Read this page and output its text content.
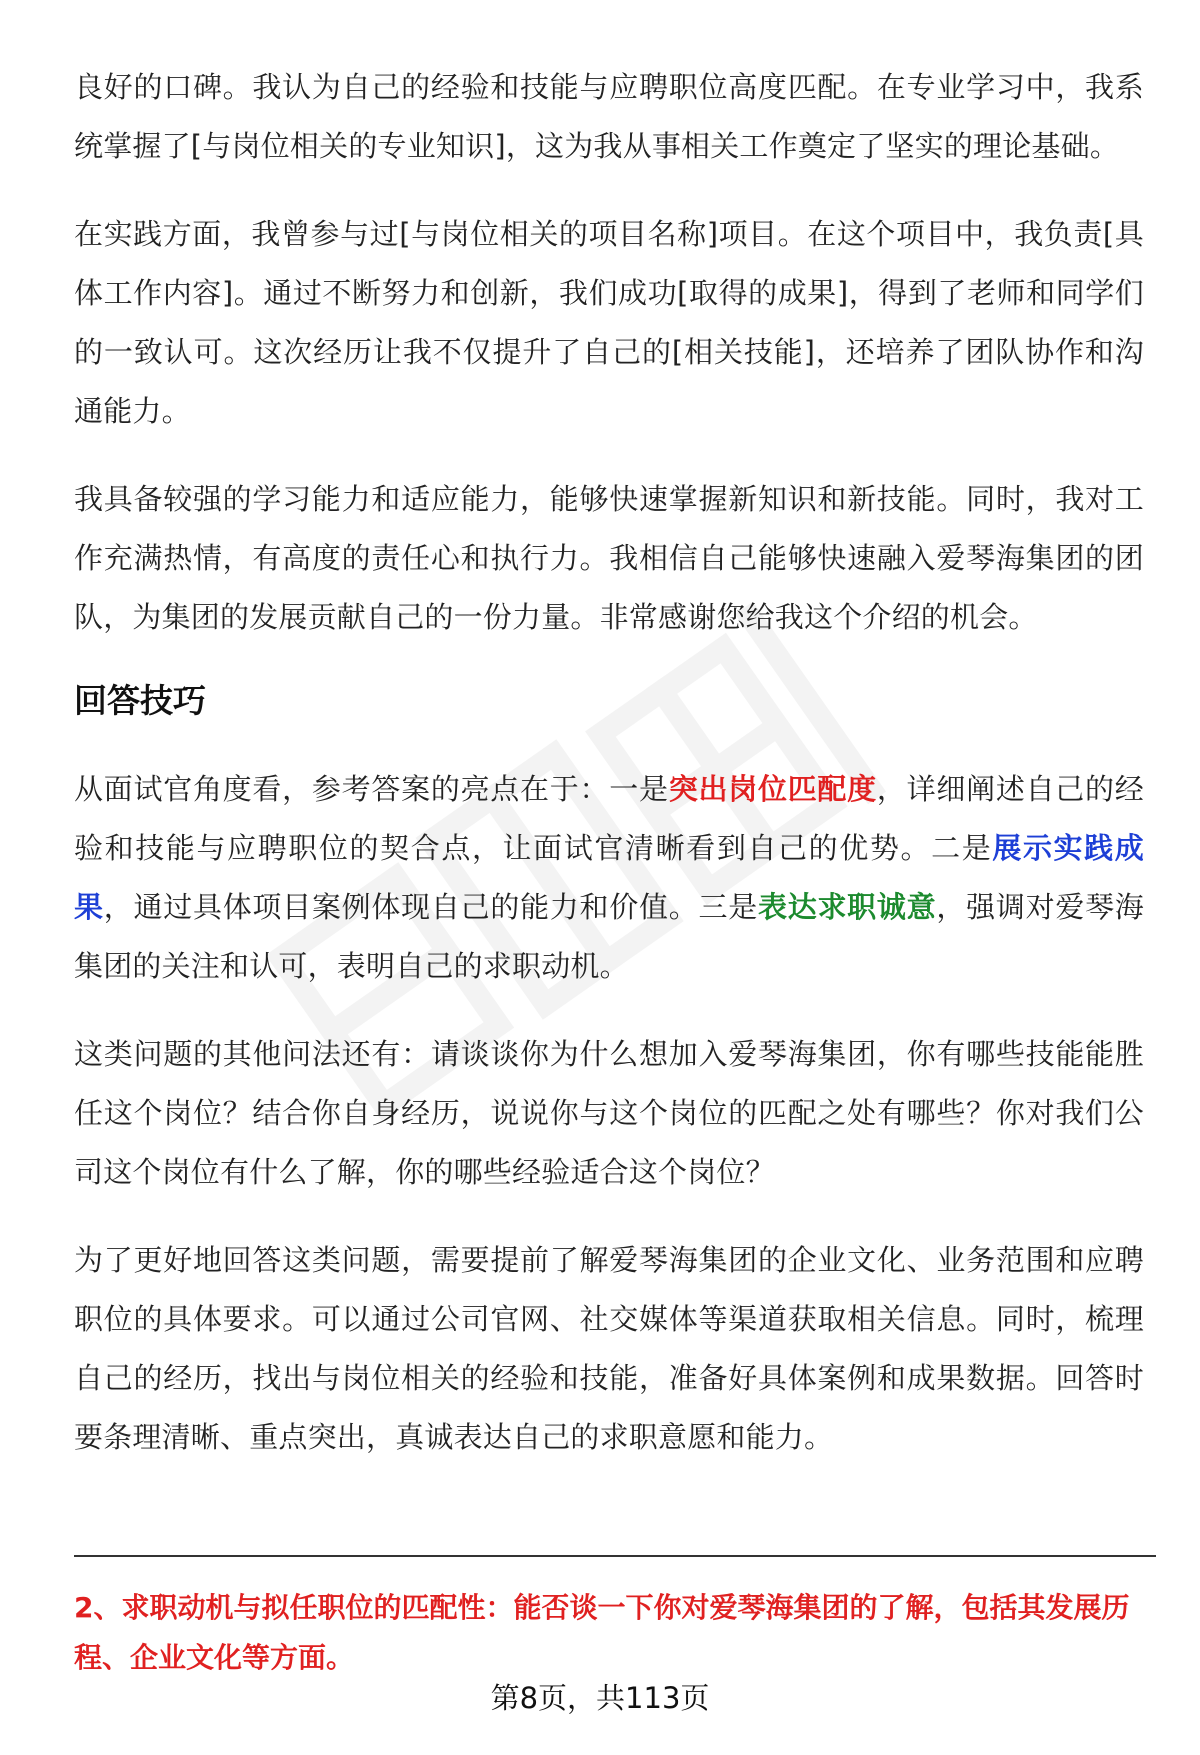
良好的口碑。我认为自己的经验和技能与应聘职位高度匹配。在专业学习中，我系统掌握了[与岗位相关的专业知识]，这为我从事相关工作奠定了坚实的理论基础。

在实践方面，我曾参与过[与岗位相关的项目名称]项目。在这个项目中，我负责[具体工作内容]。通过不断努力和创新，我们成功[取得的成果]，得到了老师和同学们的一致认可。这次经历让我不仅提升了自己的[相关技能]，还培养了团队协作和沟通能力。

我具备较强的学习能力和适应能力，能够快速掌握新知识和新技能。同时，我对工作充满热情，有高度的责任心和执行力。我相信自己能够快速融入爱琴海集团的团队，为集团的发展贡献自己的一份力量。非常感谢您给我这个介绍的机会。

回答技巧

从面试官角度看，参考答案的亮点在于：一是突出岗位匹配度，详细阐述自己的经验和技能与应聘职位的契合点，让面试官清晰看到自己的优势。二是展示实践成果，通过具体项目案例体现自己的能力和价值。三是表达求职诚意，强调对爱琴海集团的关注和认可，表明自己的求职动机。

这类问题的其他问法还有：请谈谈你为什么想加入爱琴海集团，你有哪些技能能胜任这个岗位？结合你自身经历，说说你与这个岗位的匹配之处有哪些？你对我们公司这个岗位有什么了解，你的哪些经验适合这个岗位？

为了更好地回答这类问题，需要提前了解爱琴海集团的企业文化、业务范围和应聘职位的具体要求。可以通过公司官网、社交媒体等渠道获取相关信息。同时，梳理自己的经历，找出与岗位相关的经验和技能，准备好具体案例和成果数据。回答时要条理清晰、重点突出，真诚表达自己的求职意愿和能力。

2、求职动机与拟任职位的匹配性：能否谈一下你对爱琴海集团的了解，包括其发展历程、企业文化等方面。
第8页，共113页
